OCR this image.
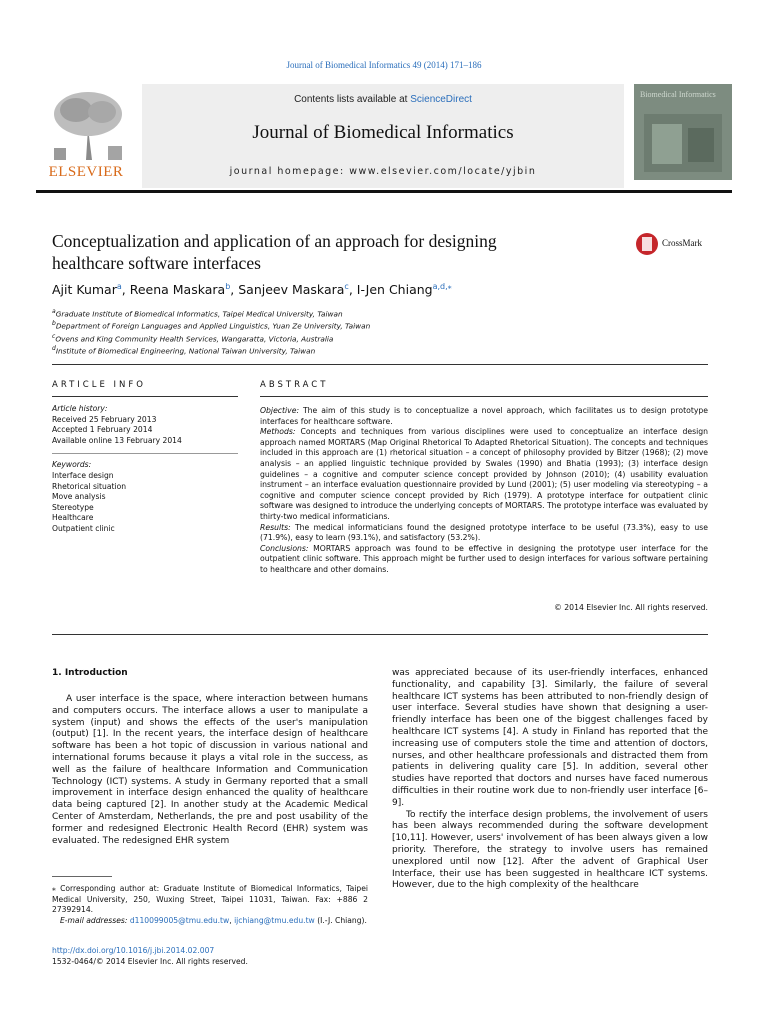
Journal of Biomedical Informatics 49 (2014) 171–186
ELSEVIER
Contents lists available at ScienceDirect
Journal of Biomedical Informatics
journal homepage: www.elsevier.com/locate/yjbin
Biomedical Informatics
Conceptualization and application of an approach for designing
healthcare software interfaces
CrossMark
Ajit Kumar$^a$, Reena Maskara$^b$, Sanjeev Maskara$^c$, I-Jen Chiang$^{a,d,⁎}$
$^a$Graduate Institute of Biomedical Informatics, Taipei Medical University, Taiwan
$^b$Department of Foreign Languages and Applied Linguistics, Yuan Ze University, Taiwan
$^c$Ovens and King Community Health Services, Wangaratta, Victoria, Australia
$^d$Institute of Biomedical Engineering, National Taiwan University, Taiwan
ARTICLE INFO	ABSTRACT
Article history:
Received 25 February 2013
Accepted 1 February 2014
Available online 13 February 2014
Keywords:
Interface design
Rhetorical situation
Move analysis
Stereotype
Healthcare
Outpatient clinic

Objective: The aim of this study is to conceptualize a novel approach, which facilitates us to design prototype interfaces for healthcare software.

Methods: Concepts and techniques from various disciplines were used to conceptualize an interface design approach named MORTARS (Map Original Rhetorical To Adapted Rhetorical Situation). The concepts and techniques included in this approach are (1) rhetorical situation – a concept of philosophy provided by Bitzer (1968); (2) move analysis – an applied linguistic technique provided by Swales (1990) and Bhatia (1993); (3) interface design guidelines – a cognitive and computer science concept provided by Johnson (2010); (4) usability evaluation instrument – an interface evaluation questionnaire provided by Lund (2001); (5) user modeling via stereotyping – a cognitive and computer science concept provided by Rich (1979). A prototype interface for outpatient clinic software was designed to introduce the underlying concepts of MORTARS. The prototype interface was evaluated by thirty-two medical informaticians.

Results: The medical informaticians found the designed prototype interface to be useful (73.3%), easy to use (71.9%), easy to learn (93.1%), and satisfactory (53.2%).

Conclusions: MORTARS approach was found to be effective in designing the prototype user interface for the outpatient clinic software. This approach might be further used to design interfaces for various software pertaining to healthcare and other domains.

© 2014 Elsevier Inc. All rights reserved.
1. Introduction

A user interface is the space, where interaction between humans and computers occurs. The interface allows a user to manipulate a system (input) and shows the effects of the user's manipulation (output) [1]. In the recent years, the interface design of healthcare software has been a hot topic of discussion in various national and international forums because it plays a vital role in the success, as well as the failure of healthcare Information and Communication Technology (ICT) systems. A study in Germany reported that a small improvement in interface design enhanced the quality of healthcare data being captured [2]. In another study at the Academic Medical Center of Amsterdam, Netherlands, the pre and post usability of the former and redesigned Electronic Health Record (EHR) system was evaluated. The redesigned EHR system

was appreciated because of its user-friendly interfaces, enhanced functionality, and capability [3]. Similarly, the failure of several healthcare ICT systems has been attributed to non-friendly design of user interface. Several studies have shown that designing a user-friendly interface has been one of the biggest challenges faced by healthcare ICT systems [4]. A study in Finland has reported that the increasing use of computers stole the time and attention of doctors, nurses, and other healthcare professionals and distracted them from patients in delivering quality care [5]. In addition, several other studies have reported that doctors and nurses have faced numerous difficulties in their routine work due to non-friendly user interface [6–9].

To rectify the interface design problems, the involvement of users has been always recommended during the software development [10,11]. However, users' involvement of has been always given a low priority. Therefore, the strategy to involve users has remained unexplored until now [12]. After the advent of Graphical User Interface, their use has been suggested in healthcare ICT systems. However, due to the high complexity of the healthcare

⁎ Corresponding author at: Graduate Institute of Biomedical Informatics, Taipei Medical University, 250, Wuxing Street, Taipei 11031, Taiwan. Fax: +886 2 27392914.
E-mail addresses: d110099005@tmu.edu.tw, ijchiang@tmu.edu.tw (I.-J. Chiang).
http://dx.doi.org/10.1016/j.jbi.2014.02.007
1532-0464/© 2014 Elsevier Inc. All rights reserved.
